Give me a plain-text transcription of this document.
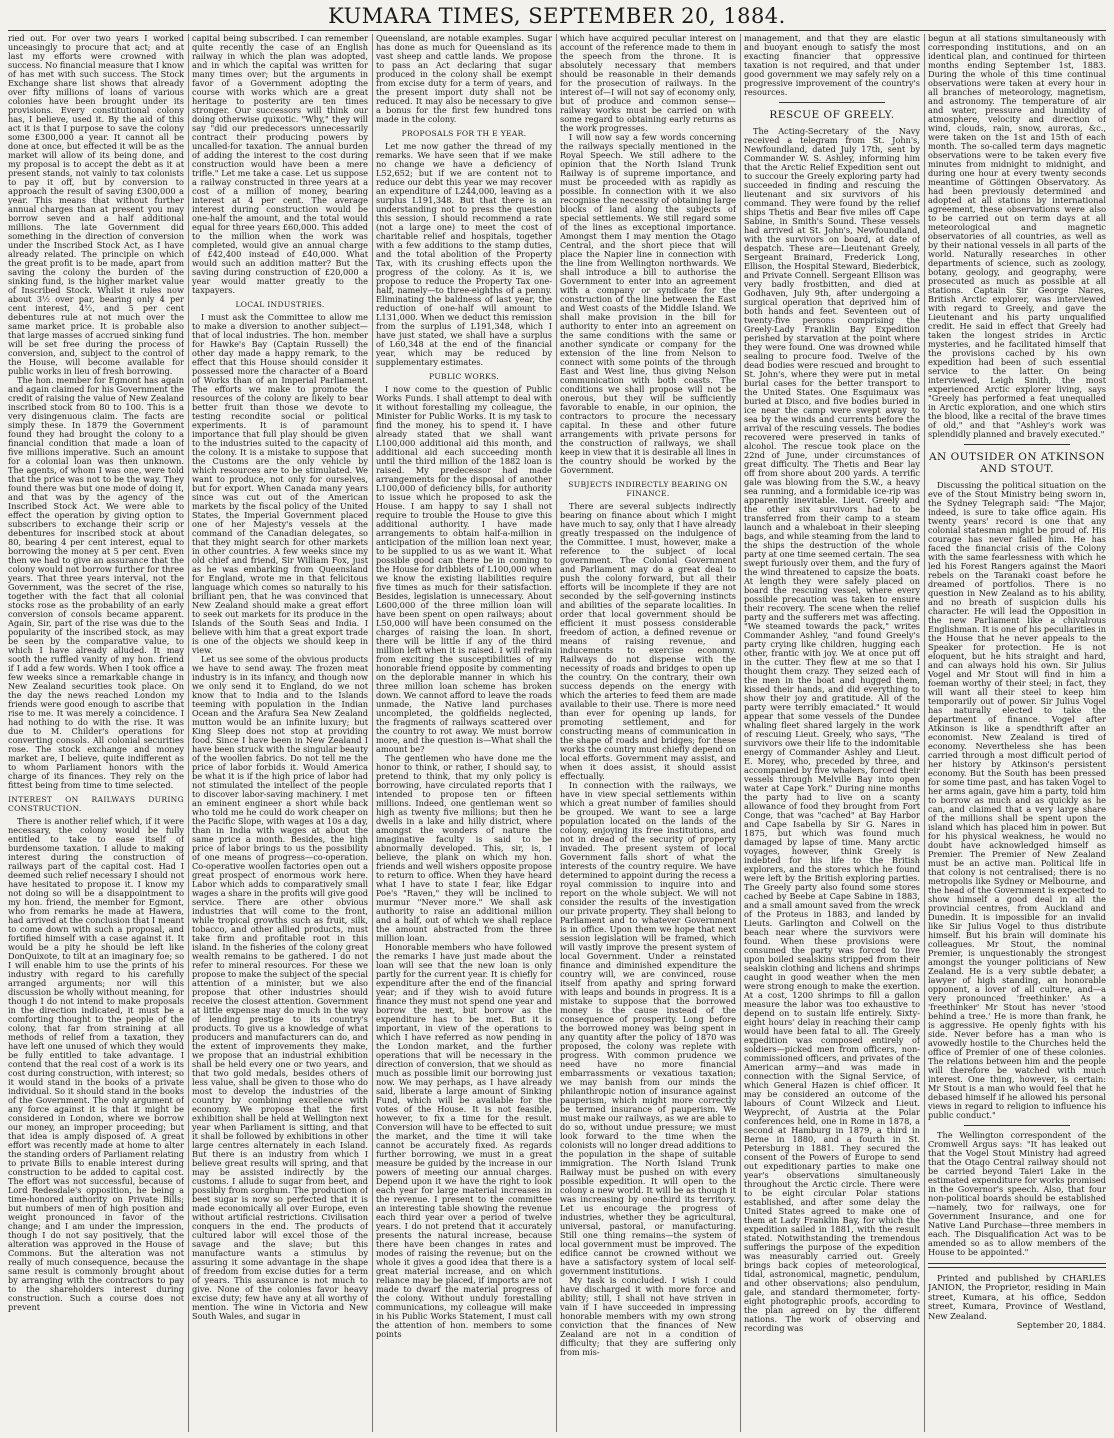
KUMARA TIMES, SEPTEMBER 20, 1884.

ried out. For over two years I worked unceasingly to procure that act; and at last my efforts were crowned with success. No financial measure that I know of has met with such success. The Stock Exchange share list shows that already over fifty millions of loans of various colonies have been brought under its provisions. Every constitutional colony has, I believe, used it. By the aid of this act it is that I purpose to save the colony some £300,000 a year. It cannot all be done at once, but effected it will be as the market will allow of its being done, and my proposal is to accept the debt as it at present stands, not vainly to tax colonists to pay it off, but by conversion to approach the result of saving £300,000 a year. This means that without further annual charges than at present you may borrow seven and a half additional millions. The late Government did something in the direction of conversion under the Inscribed Stock Act, as I have already related. The principle on which the great profit is to be made, apart from saving the colony the burden of the sinking fund, is the higher market value of Inscribed Stock. Whilst it rules now about 3½ over par, bearing only 4 per cent interest, 4½, and 5 per cent debentures rule at not much over the same market price. It is probable also that large masses of accrued sinking fund will be set free during the process of conversion, and, subject to the control of the House, will become available for public works in lieu of fresh borrowing.

The hon. member for Egmont has again and again claimed for his Government the credit of raising the value of New Zealand inscribed stock from 80 to 100. This is a very disingenuous claim. The facts are simply these. In 1879 the Government found they had brought the colony to a financial condition that made a loan of five millions imperative. Such an amount for a colonial loan was then unknown. The agents, of whom I was one, were told that the price was not to be the way. They found there was but one mode of doing it, and that was by the agency of the Inscribed Stock Act. We were able to effect the operation by giving option to subscribers to exchange their scrip or debentures for inscribed stock at about 80, bearing 4 per cent interest, equal to borrowing the money at 5 per cent. Even then we had to give an assurance that the colony would not borrow further for three years. That three years interval, not the Government, was the secret of the rise, together with the fact that all colonial stocks rose as the probability of an early conversion of consols became apparent. Again, Sir, part of the rise was due to the popularity of the inscribed stock, as may be seen by the comparative value, to which I have already alluded. It may sooth the ruffled vanity of my hon. friend if I add a few words. When I took office a few weeks since a remarkable change in New Zealand securities took place. On the day the news reached London my friends were good enough to ascribe that rise to me. It was merely a coincidence. I had nothing to do with the rise. It was due to M. Childer's operations for converting consols. All colonial securities rose. The stock exchange and money market are, I believe, quite indifferent as to whom Parliament honors with the charge of its finances. They rely on the fittest being from time to time selected.

INTEREST ON RAILWAYS DURING CONSTRUCTION.

There is another relief which, if it were necessary, the colony would be fully entitled to take to ease itself of burdensome taxation. I allude to making interest during the construction of railways part of the capital cost. Had I deemed such relief necessary I should not have hesitated to propose it. I know my not doing so will be a disappointment to my hon. friend, the member for Egmont, who from remarks he made at Hawera, had arrived at the conclusion that I meant to come down with such a proposal, and fortified himself with a case against it. It would be a pity he should be left like DonQuixote, to tilt at an imaginary foe; so I will enable him to use the prints of his industry with regard to his carefully arranged arguments; nor will this discussion be wholly without meaning, for though I do not intend to make proposals in the direction indicated, it must be a comforting thought to the people of the colony, that far from straining at all methods of relief from a taxation, they have left one unused of which they would be fully entitled to take advantage. I contend that the real cost of a work is its cost during construction, with interest; so it would stand in the books of a private individual. So it should stand in the books of the Government. The only argument of any force against it is that it might be considered in London, where we borrow our money, an improper proceeding; but that idea is amply disposed of. A great effort was recently made at home to alter the standing orders of Parliament relating to private Bills to enable interest during construction to be added to capital cost. The effort was not successful, because of Lord Redesdale's opposition, he being a time-honored authority on Private Bills; but numbers of men of high position and weight pronounced in favor of the change; and I am under the impression, though I do not say positively, that the alteration was approved in the House of Commons. But the alteration was not really of much consequence, because the same result is commonly brought about by arranging with the contractors to pay to the shareholders interest during construction. Such a course does not prevent

capital being subscribed. I can remember quite recently the case of an English railway in which the plan was adopted, and in which the capital was written for many times over; but the arguments in favor of a Government adopting the course with works which are a great heritage to posterity are ten times stronger. Our successors will think our doing otherwise quixotic. "Why," they will say "did our predecessors unnecessarily contract their producing powers by uncalled-for taxation. The annual burden of adding the interest to the cost during construction would have been a mere trifle." Let me take a case. Let us suppose a railway constructed in three years at a cost of a million of money, bearing interest at 4 per cent. The average interest during construction would be one-half the amount, and the total would equal for three years £60,000. This added to the million when the work was completed, would give an annual charge of £42,400 instead of £40,000. What would such an addition matter? But the saving during construction of £20,000 a year would matter greatly to the taxpayers.

LOCAL INDUSTRIES.

I must ask the Committee to allow me to make a diversion to another subject—that of local industries. The hon. member for Hawke's Bay (Captain Russell) the other day made a happy remark, to the effect that this House should consider it possessed more the character of a Board of Works than of an Imperial Parliament. The efforts we make to promote the resources of the colony are likely to bear better fruit than those we devote to testing recondite social or political experiments. It is of paramount importance that full play should be given to the industries suited to the capacity of the colony. It is a mistake to suppose that the Customs are the only vehicle by which resources are to be stimulated. We want to produce, not only for ourselves, but for export. When Canada many years since was cut out of the American markets by the fiscal policy of the United States, the Imperial Government placed one of her Majesty's vessels at the command of the Canadian delegates, so that they might search for other markets in other countries. A few weeks since my old chief and friend, Sir William Fox, just as he was embarking from Queensland for England, wrote me in that felicitous language which comes so naturally to his brilliant pen, that he was convinced that New Zealand should make a great effort to seek out markets for its produce in the Islands of the South Seas and India. I believe with him that a great export trade is one of the objects we should keep in view.

Let us see some of the obvious products we have to send away. The frozen meat industry is in its infancy, and though now we only send it to England, do we not know that to India and to the Islands teeming with population in the Indian Ocean and the Arafura Sea New Zealand mutton would be an infinite luxury; but King Sleep does not stop at providing food. Since I have been in New Zealand I have been struck with the singular beauty of the woollen fabrics. Do not tell me the price of labor forbids it. Would America be what it is if the high price of labor had not stimulated the intellect of the people to discover labor-saving machinery. I met an eminent engineer a short while back who told me he could do work cheaper on the Pacific Slope, with wages at 10s a day, than in India with wages at about the same price a month. Besides, the high price of labor brings to us the possibility of one means of progress—co-operation. Co-operative woollen factories open out a great prospect of enormous work here. Labor which adds to comparatively small wages a share in the profits will give good service. There are other obvious industries that will come to the front, while tropical growths such as fruit, silk, tobacco, and other allied products, must take firm and profitable root in this island. In the fisheries of the colony great wealth remains to be gathered. I do not refer to mineral resources. For these we propose to make the subject of the special attention of a minister, but we also propose that other industries should receive the closest attention. Government at little expense may do much in the way of lending prestige to its country's products. To give us a knowledge of what producers and manufacturers can do, and the extent of improvements they make, we propose that an industrial exhibition shall be held every one or two years, and that two gold medals, besides others of less value, shall be given to those who do most to develop the industries of the country by combining excellence with economy. We propose that the first exhibition shall be held at Wellington next year when Parliament is sitting, and that it shall be followed by exhibitions in other large centres alternately in each Island. But there is an industry from which I believe great results will spring, and that may be assisted indirectly by the customs. I allude to sugar from beet, and possibly from sorghum. The production of beet sugar is now so perfected that it is made economically all over Europe, even without artificial restrictions. Civilisation conquers in the end. The products of cultured labor will excel those of the savage and the slave; but this manufacture wants a stimulus by assuring it some advantage in the shape of freedom from excise duties for a term of years. This assurance is not much to give. None of the colonies favor heavy excise duty; few have any at all worthy of mention. The wine in Victoria and New South Wales, and sugar in

Queensland, are notable examples. Sugar has done as much for Queensland as its vast sheep and cattle lands. We propose to pass an Act declaring that sugar produced in the colony shall be exempt from excise duty for a term of years, and the present import duty shall not be reduced. It may also be necessary to give a bonus for the first few hundred tons made in the colony.

PROPOSALS FOR TH E YEAR.

Let me now gather the thread of my remarks. We have seen that if we make no change we have a deficiency of L52,652; but if we are content not to reduce our debt this year we may recover an expenditure of L244,000, leaving as a surplus L191,348. But that there is an understanding not to press the question this session, I should recommend a rate (not a large one) to meet the cost of charitable relief and hospitals, together with a few additions to the stamp duties, and the total abolition of the Property Tax, with its crushing effects upon the progress of the colony. As it is, we propose to reduce the Property Tax one-half, namely—to three-eighths of a penny. Eliminating the baldness of last year, the reduction of one-half will amount to L131,000. When we deduct this remission from the surplus of L191,348, which I have just stated, we shall have a surplus of L60,348 at the end of the financial year, which may be reduced by supplementary estimates.

PUBLIC WORKS.

I now come to the question of Public Works Funds. I shall attempt to deal with it without forestalling my colleague, the Minister for Public Works. It is my task to find the money, his to spend it. I have already stated that we shall want L100,000 additional aid this month, and additional aid each succeeding month until the third million of the 1882 loan is raised. My predecessor had made arrangements for the disposal of another L100,000 of deficiency bills, for authority to issue which he proposed to ask the House. I am happy to say I shall not require to trouble the House to give this additional authority. I have made arrangements to obtain half-a-million in anticipation of the million loan next year, to be supplied to us as we want it. What possible good can there be in coming to the House for dribblets of L100,000 when we know the existing liabilities require five times as much for their satisfaction. Besides, legislation is unnecessary. About L600,000 of the three million loan will have been spent on open railways; about L50,000 will have been consumed on the charges of raising the loan. In short, there will be little if any of the third million left when it is raised. I will refrain from exciting the susceptibilities of my honorable friend opposite by commenting on the deplorable manner in which his three million loan scheme has broken down. We cannot afford to leave the roads unmade, the Native land purchases uncompleted, the goldfields neglected, the fragments of railways scattered over the country to rot away. We must borrow more, and the question is—What shall the amount be?

The gentlemen who have done me the honor to think, or rather, I should say, to pretend to think, that my only policy is borrowing, have circulated reports that I intended to propose ten or fifteen millions. Indeed, one gentleman went so high as twenty five millions; but then he dwells in a lake and hilly district, where amongst the wonders of nature the imaginative faculty is said to be abnormally developed. This, sir, is, I believe, the plank on which my hon. friends and well wishers opposite propose to return to office. When they have heard what I have to state I fear, like Edgar Poe's "Raven," they will be inclined to murmur "Never more." We shall ask authority to raise an additional million and a half, out of which we shall replace the amount abstracted from the three million loan.

Honorable members who have followed the remarks I have just made about the loan will see that the new loan is only partly for the current year. It is chiefly for expenditure after the end of the financial year; and if they wish to avoid future finance they must not spend one year and borrow the next, but borrow as the expenditure has to be met. But it is important, in view of the operations to which I have referred as now pending in the London market, and the further operations that will be necessary in the direction of conversion, that we should as much as possible limit our borrowing just now. We may perhaps, as I have already said, liberate a large amount of Sinking Fund, which will be available for the votes of the House. It is not feasible, however, to fix a time for the result. Conversion will have to be effected to suit the market, and the time it will take cannot be accurately fixed. As regards further borrowing, we must in a great measure be guided by the increase in our powers of meeting our annual charges. Depend upon it we have the right to look each year for large material increases in the revenue. I present to the committee an interesting table showing the revenue each third year over a period of twelve years. I do not pretend that it accurately presents the natural increase, because there have been changes in rates and modes of raising the revenue; but on the whole it gives a good idea that there is a great material increase, and on which reliance may be placed, if imports are not made to dwarf the material progress of the colony. Without unduly forestalling communications, my colleague will make in his Public Works Statement, I must call the attention of hon. members to some points

which have acquired peculiar interest on account of the reference made to them in the speech from the throne. It is absolutely necessary that members should be reasonable in their demands for the prosecution of railways. In the interest of—I will not say of economy only, but of produce and common sense—railway works must be carried on with some regard to obtaining early returns as the work progresses.

I will now say a few words concerning the railways specially mentioned in the Royal Speech. We still adhere to the opinion that the North Island Trunk Railway is of supreme importance, and must be proceeded with as rapidly as possible. In connection with it we also recognise the necessity of obtaining large blocks of land along the subjects of special settlements. We still regard some of the lines as exceptional importance. Amongst them I may mention the Otago Central, and the short piece that will place the Napier line in connection with the line from Wellington northwards. We shall introduce a bill to authorise the Government to enter into an agreement with a company or syndicate for the construction of the line between the East and West coasts of the Middle Island. We shall make provision in the bill for authority to enter into an agreement on the same conditions with the same or another syndicate or company for the extension of the line from Nelson to connect with some points of the through East and West line, thus giving Nelson communication with both coasts. The conditions we shall propose will not be onerous, but they will be sufficiently favorable to enable, in our opinion, the contractors to procure the necessary capital. In these and other future arrangements with private persons for the construction of railways, we shall keep in view that it is desirable all lines in the country should be worked by the Government.

SUBJECTS INDIRECTLY BEARING ON FINANCE.

There are several subjects indirectly bearing on finance about which I might have much to say, only that I have already greatly trespassed on the indulgence of the Committee. I must, however, make a reference to the subject of local government. The Colonial Government and Parliament may do a great deal to push the colony forward, but all their efforts will be incomplete if they are not seconded by the self-governing instincts and abilities of the separate localities. In order that local government should be efficient it must possess considerable freedom of action, a defined revenue or means of raising revenue, and inducements to exercise economy. Railways do not dispense with the necessity of roads and bridges to open up the country. On the contrary, their own success depends on the energy with which the arteries to feed them are made available to their use. There is more need than ever for opening up lands, for promoting settlement, and for constructing means of communication in the shape of roads and bridges; for these works the country must chiefly depend on local efforts. Government may assist, and when it does assist, it should assist effectually.

In connection with the railways, we have in view special settlements within which a great number of families should be grouped. We want to see a large population located on the lands of the colony, enjoying its free institutions, and not in dread of the security of property invaded. The present system of local Government falls short of what the interests of the country require. We have determined to appoint during the recess a royal commission to inquire into and report on the whole subject. We will not consider the results of the investigation our private property. They shall belong to Parliament and to whatever Government is in office. Upon them we hope that next session legislation will be framed, which will vastly improve the present system of local Government. Under a reinstated finance and diminished expenditure the country will, we are convinced, rouse itself from apathy and spring forward with leaps and bounds in progress. It is a mistake to suppose that the borrowed money is the cause instead of the consequence of prosperity. Long before the borrowed money was being spent in any quantity after the policy of 1870 was proposed, the colony was replete with progress. With common prudence we need have no more financial embarrassments or vexatious taxation; we may banish from our minds the philanthropic notion of insurance against pauperism, which might more correctly be termed insurance of pauperism. We must make our railways, as we are able to do so, without undue pressure; we must look forward to the time when the colonists will no longer dread additions to the population in the shape of suitable immigration. The North Island Trunk Railway must be pushed on with every possible expedition. It will open to the colony a new world. It will be as though it was increasing by one-third its territory. Let us encourage the progress of industries, whether they be agricultural, universal, pastoral, or manufacturing. Still one thing remains—the system of local government must be improved. The edifice cannot be crowned without we have a satisfactory system of local self-government institutions.

My task is concluded. I wish I could have discharged it with more force and ability; still, I shall not have striven in vain if I have succeeded in impressing honorable members with my own strong conviction that the finances of New Zealand are not in a condition of difficulty; that they are suffering only from mis-

management, and that they are elastic and buoyant enough to satisfy the most exacting financier that oppressive taxation is not required, and that under good government we may safely rely on a progressive improvement of the country's resources.

RESCUE OF GREELY.

The Acting-Secretary of the Navy received a telegram from St. John's, Newfoundland, dated July 17th, sent by Commander W. S. Ashley, informing him that the Arctic Relief Expedition sent out to succour the Greely exploring party had succeeded in finding and rescuing the lieutenant and six survivors of his command. They were found by the relief ships Thetis and Bear five miles off Cape Sabine, in Smith's Sound. These vessels had arrived at St. John's, Newfoundland, with the survivors on board, at date of despatch. These are—Lieutenant Greely, Sergeant Brainard, Frederick Long, Ellison, the Hospital Steward, Biederbick, and Private Connell. Sergeant Ellison was very badly frostbitten, and died at Godhaven, July 9th, after undergoing a surgical operation that deprived him of both hands and feet. Seventeen out of twenty-five persons comprising the Greely-Lady Franklin Bay Expedition perished by starvation at the point where they were found. One was drowned while sealing to procure food. Twelve of the dead bodies were rescued and brought to St. John's, where they were put in metal burial cases for the better transport to the United States. One Esquimaux was buried at Disco, and five bodies buried in ice near the camp were swept away to sea by the winds and currents before the arrival of the rescuing vessels. The bodies recovered were preserved in tanks of alcohol. The rescue took place on the 22nd of June, under circumstances of great difficulty. The Thetis and Bear lay off from shore about 200 yards. A terrific gale was blowing from the S.W., a heavy sea running, and a formidable ice-rip was apparently inevitable. Lieut. Greely and the other six survivors had to be transferred from their camp to a steam launch and a whaleboat in their sleeping bags, and while steaming from the land to the ships the destruction of the whole party at one time seemed certain. The sea swept furiously over them, and the fury of the wind threatened to capsize the boats. At length they were safely placed on board the rescuing vessel, where every possible precaution was taken to ensure their recovery. The scene when the relief party and the sufferers met was affecting. "We steamed towards the pack," writes Commander Ashley, "and found Greely's party crying like children, hugging each other, frantic with joy. We at once put off in the cutter. They flew at me so that I thought them crazy. They seized each of the men in the boat and hugged them, kissed their hands, and did everything to show their joy and gratitude. All of the party were terribly emaciated." It would appear that some vessels of the Dundee whaling fleet shared largely in the work of rescuing Lieut. Greely, who says, "The survivors owe their life to the indomitable energy of Commander Ashley and Lieut. E. Morey, who, preceded by three, and accompanied by five whalers, forced their vessels through Melville Bay into open water at Cape York." During nine months the party had to live on a scanty allowance of food they brought from Fort Conge, that was "cached" at Bay Harbor and Cape Isabella by Sir G. Nares in 1875, but which was found much damaged by lapse of time. Many arctic voyages, however, think Greely is indebted for his life to the British explorers, and the stores which he found were left by the British exploring parties. The Greely party also found some stores cached by Beebe at Cape Sabine in 1883, and a small amount saved from the wreck of the Proteus in 1883, and landed by Lieuts. Garlington and Colwell on the beach near where the survivors were found. When these provisions were consumed the party was forced to live upon boiled sealskins stripped from their sealskin clothing and lichens and shrimps caught in good weather when the men were strong enough to make the exertion. At a cost, 1200 shrimps to fill a gallon measure the labor was too exhaustive to depend on to sustain life entirely. Sixty-eight hours' delay in reaching their camp would have been fatal to all. The Greely expedition was composed entirely of soldiers—picked men from officers, non-commissioned officers, and privates of the American army—and was made in connection with the Signal Service, of which General Hazen is chief officer. It may be considered an outcome of the labours of Count Wilzeck and Lieut. Weyprecht, of Austria at the Polar conferences held, one in Rome in 1878, a second at Hamburg in 1879, a third in Berne in 1880, and a fourth in St. Petersburg in 1881. They secured the consent of the Powers of Europe to send out expeditionary parties to make one year's observations simultaneously throughout the Arctic circle. There were to be eight circular Polar stations established, and after some delay the United States agreed to make one of them at Lady Franklin Bay, for which the expedition sailed in 1881, with the result stated. Notwithstanding the tremendous sufferings the purpose of the expedition was measurably carried out. Greely brings back copies of meteorological, tidal, astronomical, magnetic, pendulum, and other observations; also pendulum, gale, and standard thermometer, forty-eight photographic proofs, according to the plan agreed on by the different nations. The work of observing and recording was

begun at all stations simultaneously with corresponding institutions, and on an identical plan, and continued for thirteen months ending September 1st, 1883. During the whole of this time continual observations were taken at every hour in all branches of meteorology, magnetism, and astronomy. The temperature of air and water, pressure and humidity of atmosphere, velocity and direction of wind, clouds, rain, snow, auroras, &c., were taken on the 1st and 15th of each month. The so-called term days magnetic observations were to be taken every five minutes from midnight to midnight, and during one hour at every twenty seconds meantime of Göttingen Observatory. As had been previously determined and adopted at all stations by international agreement, these observations were also to be carried out on term days at all meteorological and magnetic observatories of all countries, as well as by their national vessels in all parts of the world. Naturally researches in other departments of science, such as zoology, botany, geology, and geography, were prosecuted as much as possible at all stations. Captain Sir George Nares, British Arctic explorer, was interviewed with regard to Greely, and gave the Lieutenant and his party unqualified credit. He said in effect that Greely had taken the longest strides in Arctic mysteries, and he facilitated himself that the provisions cached by his own expedition had been of such essential service to the latter. On being interviewed, Leigh Smith, the most experienced Arctic explorer living, says "Greely has performed a feat unequalled in Arctic exploration, and one which stirs the blood, like a recital of the brave times of old," and that "Ashley's work was splendidly planned and bravely executed."

AN OUTSIDER ON ATKINSON AND STOUT.

Discussing the political situation on the eve of the Stout Ministry being sworn in, the Sydney Telegraph said: "The Major, indeed, is sure to take office again. His twenty years' record is one that any colonial statesman might be proud of. His courage has never failed him. He has faced the financial crisis of the Colony with the same fearlessness with which he led his Forest Rangers against the Maori rebels on the Taranaki coast before he dreamed of portfolios. There is no question in New Zealand as to his ability, and no breath of suspicion dulls his character. He will lead the Opposition in the new Parliament like a chivalrous Englishman. It is one of his peculiarities in the House that he never appeals to the Speaker for protection. He is not eloquent, but he hits straight and hard, and can always hold his own. Sir Julius Vogel and Mr Stout will find in him a foeman worthy of their steel; in fact, they will want all their steel to keep him temporarily out of power. Sir Julius Vogel has naturally elected to take the department of finance. Vogel after Atkinson is like a spendthrift after an economist. New Zealand is tired of economy. Nevertheless she has been carried through a most difficult period of her history by Atkinson's persistent economy. But the South has been pressed for some time past, and has taken Vogel to her arms again, gave him a party, told him to borrow as much and as quickly as he can, and claimed that a very large share of the millions shall be spent upon the island which has placed him in power. But for his physical weakness, he would no doubt have acknowledged himself as Premier. The Premier of New Zealand must be an active man. Political life in that colony is not centralised; there is no metropolis like Sydney or Melbourne, and the head of the Government is expected to show himself a good deal in all the provincial centres, from Auckland and Dunedin. It is impossible for an invalid like Sir Julius Vogel to thus distribute himself. But his brain will dominate his colleagues. Mr Stout, the nominal Premier, is unquestionably the strongest amongst the younger politicians of New Zealand. He is a very subtle debater, a lawyer of high standing, an honorable opponent, a lover of all culture, and—a very pronounced 'freethinker.' As a 'freethinker' Mr Stout has never 'stood behind a tree.' He is more than frank, he is aggressive. He openly fights with his side. Never before has a man who is avowedly hostile to the Churches held the office of Premier of one of these colonies. The relations between him and the people will therefore be watched with much interest. One thing, however, is certain: Mr Stout is a man who would feel that he debased himself if he allowed his personal views in regard to religion to influence his public conduct."

The Wellington correspondent of the Cromwell Argus says: "It has leaked out that the Vogel Stout Ministry had agreed that the Otago Central railway should not be carried beyond Taieri Lake in the estimated expenditure for works promised in the Governor's speech. Also, that four non-political boards should be established—namely, two for railways, one for Government Insurance, and one for Native Land Purchase—three members in each. The Disqualification Act was to be amended so as to allow members of the House to be appointed."

Printed and published by CHARLES JANION, the Proprietor, residing in Main street, Kumara, at his office, Seddon street, Kumara, Province of Westland, New Zealand.
September 20, 1884.
